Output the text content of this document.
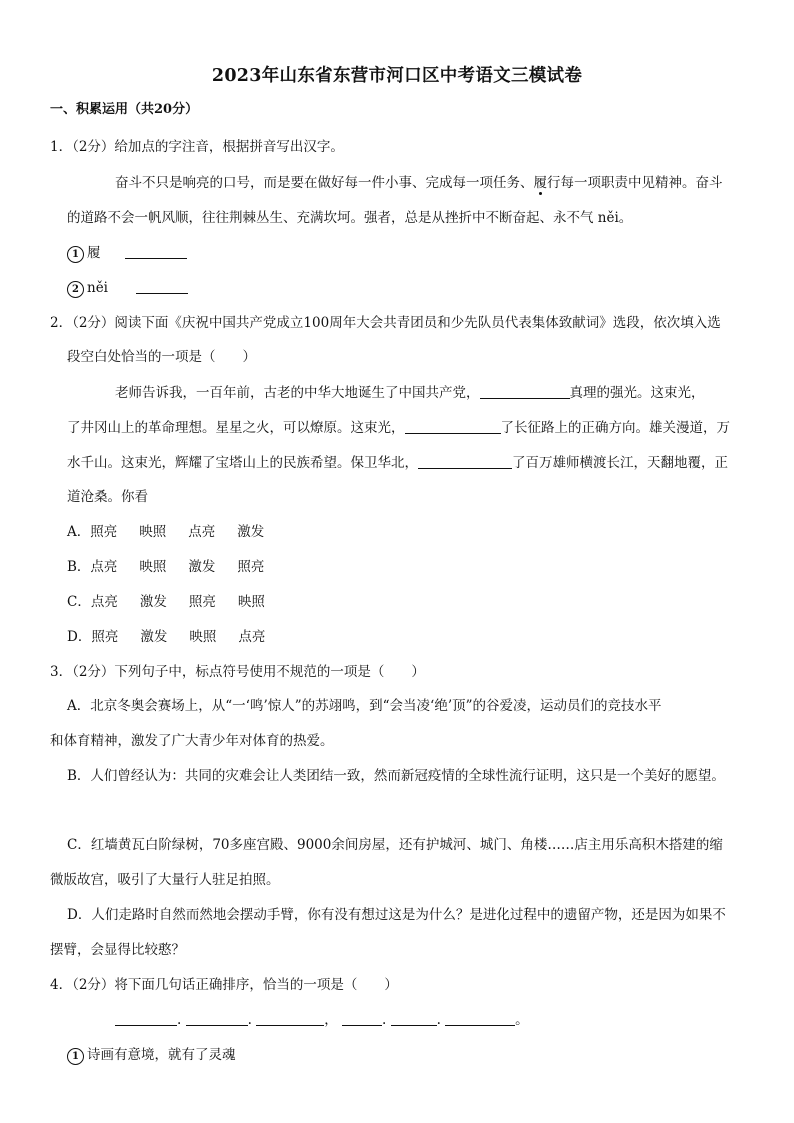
2023年山东省东营市河口区中考语文三模试卷
一、积累运用（共20分）
1．（2分）给加点的字注音，根据拼音写出汉字。
奋斗不只是响亮的口号，而是要在做好每一件小事、完成每一项任务、履行每一项职责中见精神。奋斗
的道路不会一帆风顺，往往荆棘丛生、充满坎坷。强者，总是从挫折中不断奋起、永不气 něi。
1 履
2 něi
2．（2分）阅读下面《庆祝中国共产党成立100周年大会共青团员和少先队员代表集体致献词》选段，依次填入选
段空白处恰当的一项是（　　）
老师告诉我，一百年前，古老的中华大地诞生了中国共产党，	真理的强光。这束光，
了井冈山上的革命理想。星星之火，可以燎原。这束光，	了长征路上的正确方向。雄关漫道，万
水千山。这束光，辉耀了宝塔山上的民族希望。保卫华北，	了百万雄师横渡长江，天翻地覆，正
道沧桑。你看
A．照亮 映照 点亮 激发
B．点亮 映照 激发 照亮
C．点亮 激发 照亮 映照
D．照亮 激发 映照 点亮
3．（2分）下列句子中，标点符号使用不规范的一项是（　　）
A．北京冬奥会赛场上，从“一‘鸣’惊人”的苏翊鸣，到“会当凌‘绝’顶”的谷爱凌，运动员们的竞技水平
和体育精神，激发了广大青少年对体育的热爱。
B．人们曾经认为：共同的灾难会让人类团结一致，然而新冠疫情的全球性流行证明，这只是一个美好的愿望。
C．红墙黄瓦白阶绿树，70多座宫殿、9000余间房屋，还有护城河、城门、角楼……店主用乐高积木搭建的缩
微版故宫，吸引了大量行人驻足拍照。
D．人们走路时自然而然地会摆动手臂，你有没有想过这是为什么？是进化过程中的遗留产物，还是因为如果不
摆臂，会显得比较憨？
4．（2分）将下面几句话正确排序，恰当的一项是（　　）
.	.	，	.	.	。
1 诗画有意境，就有了灵魂
